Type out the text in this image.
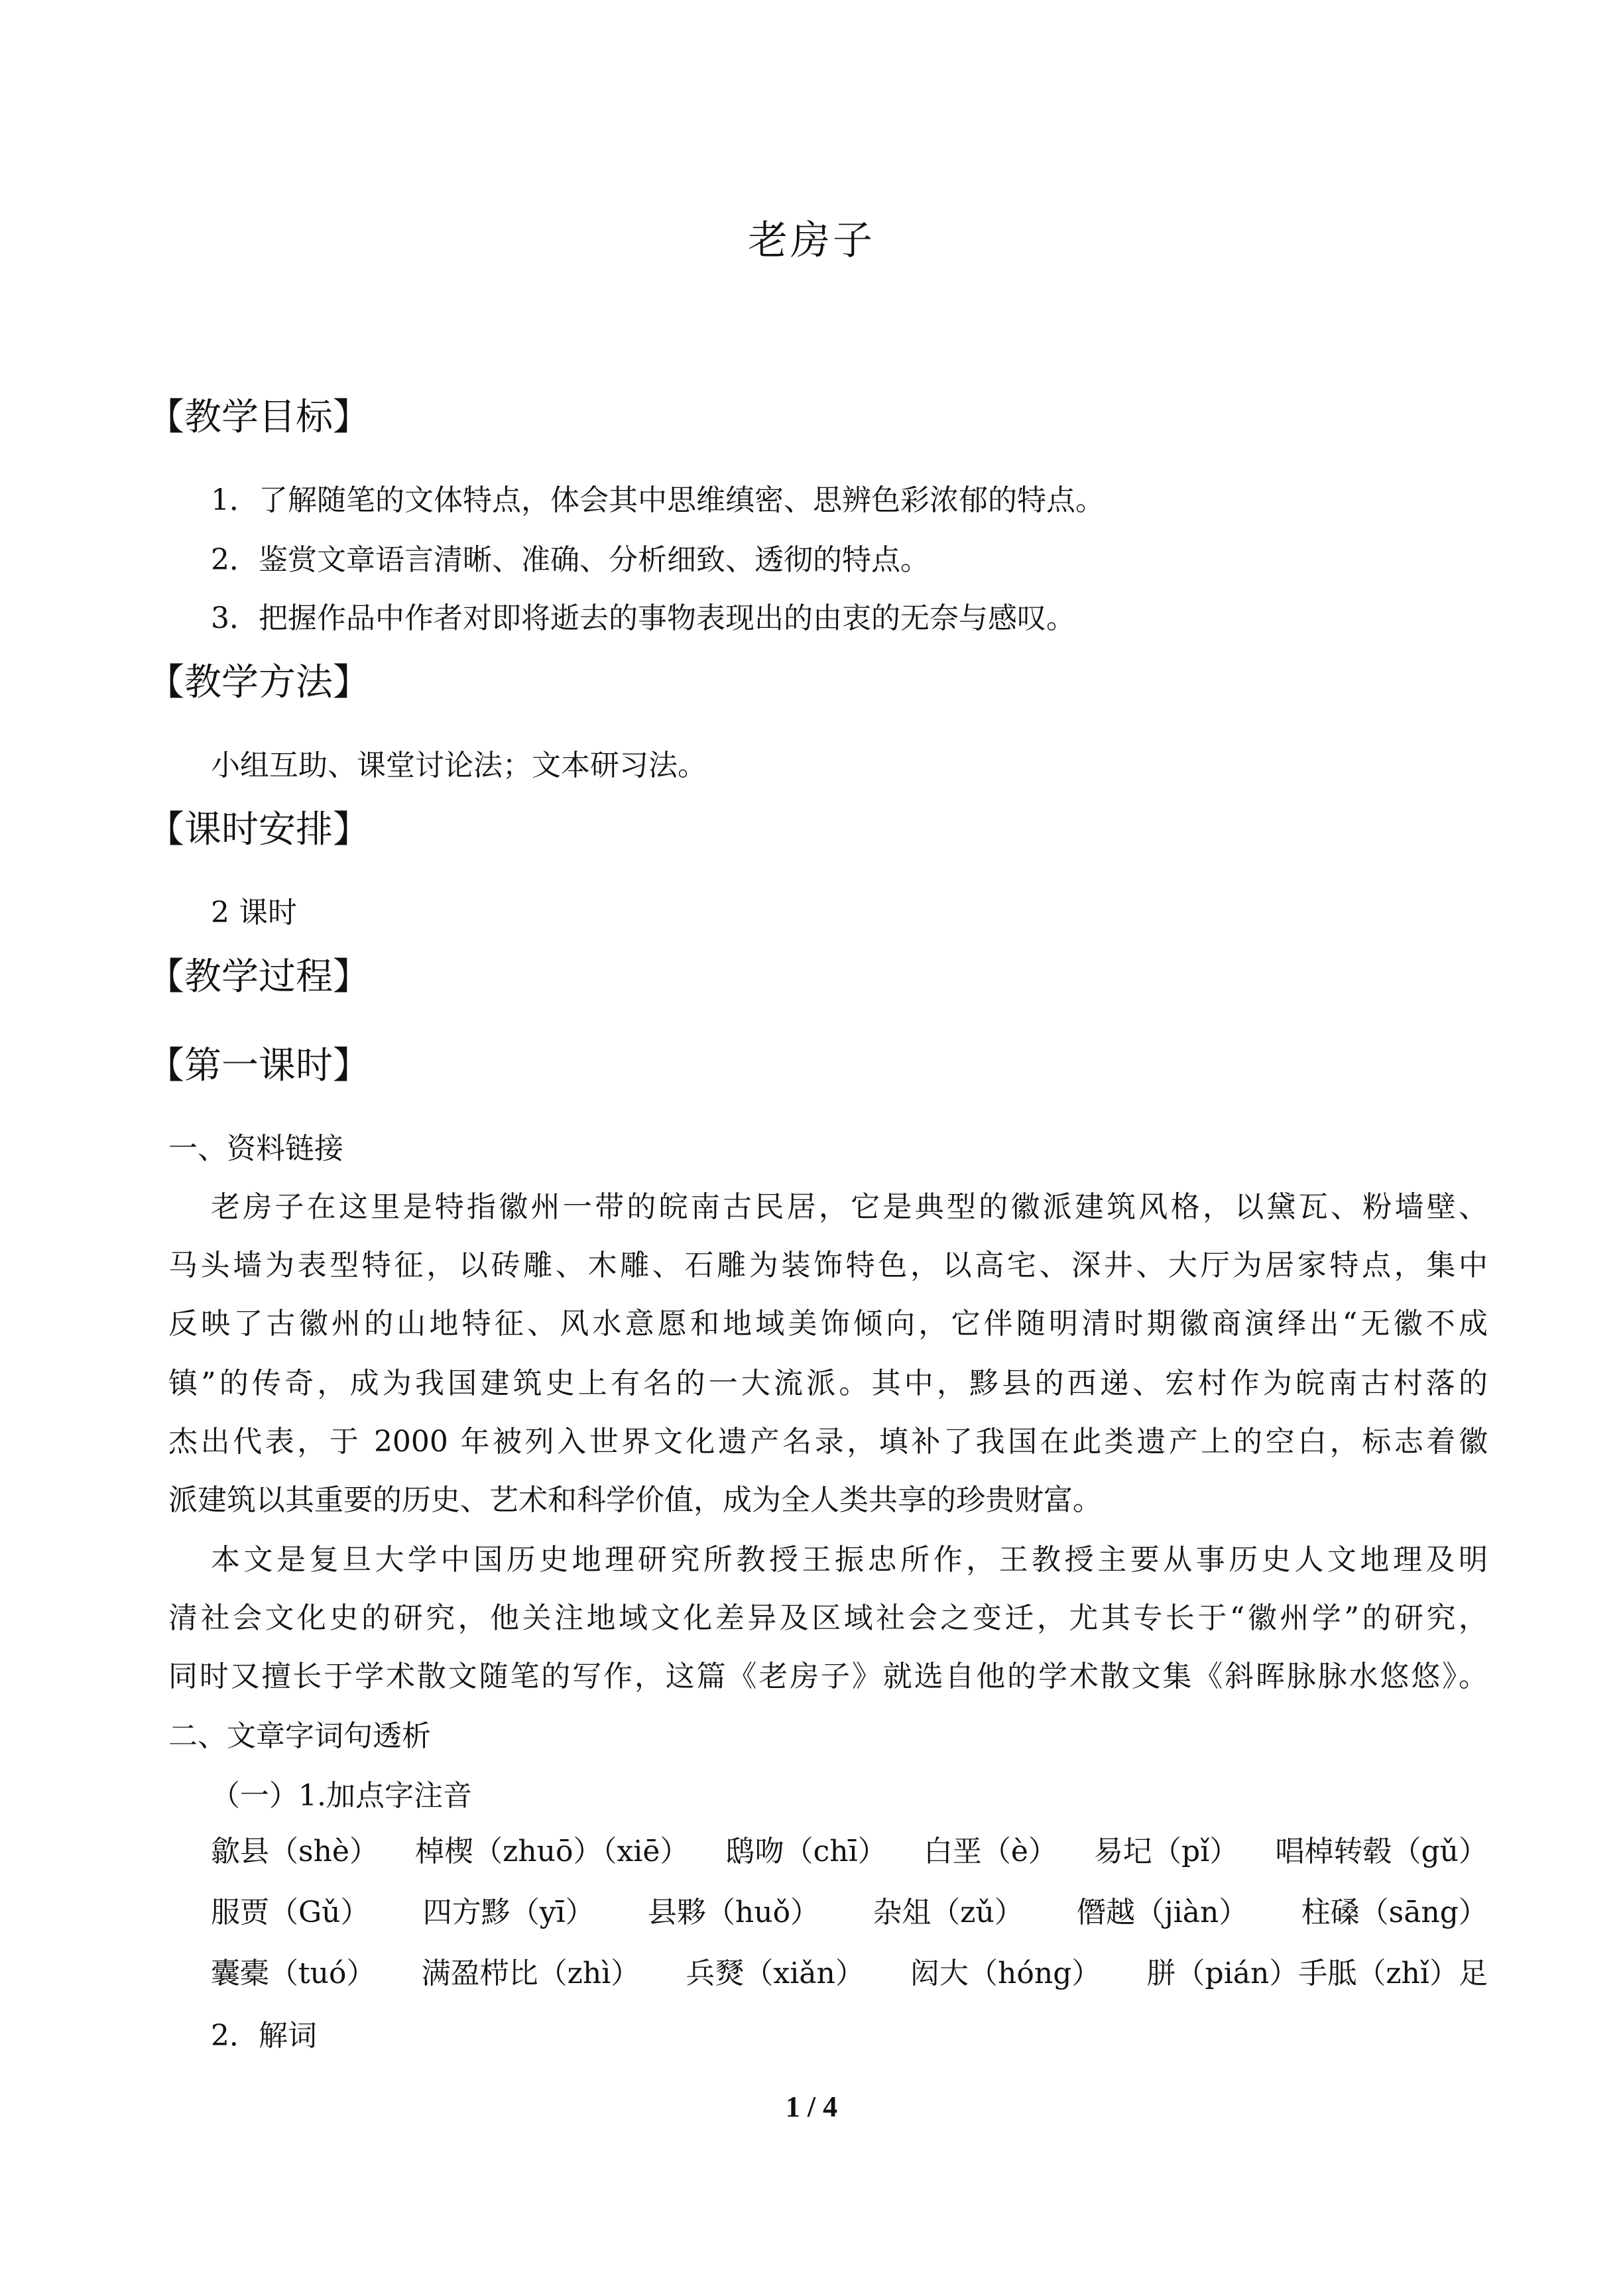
老房子
【教学目标】
1．了解随笔的文体特点，体会其中思维缜密、思辨色彩浓郁的特点。
2．鉴赏文章语言清晰、准确、分析细致、透彻的特点。
3．把握作品中作者对即将逝去的事物表现出的由衷的无奈与感叹。
【教学方法】
小组互助、课堂讨论法；文本研习法。
【课时安排】
2 课时
【教学过程】
【第一课时】
一、资料链接
老房子在这里是特指徽州一带的皖南古民居，它是典型的徽派建筑风格，以黛瓦、粉墙壁、
马头墙为表型特征，以砖雕、木雕、石雕为装饰特色，以高宅、深井、大厅为居家特点，集中
反映了古徽州的山地特征、风水意愿和地域美饰倾向，它伴随明清时期徽商演绎出“无徽不成
镇”的传奇，成为我国建筑史上有名的一大流派。其中，黟县的西递、宏村作为皖南古村落的
杰出代表，于 2000 年被列入世界文化遗产名录，填补了我国在此类遗产上的空白，标志着徽
派建筑以其重要的历史、艺术和科学价值，成为全人类共享的珍贵财富。
本文是复旦大学中国历史地理研究所教授王振忠所作，王教授主要从事历史人文地理及明
清社会文化史的研究，他关注地域文化差异及区域社会之变迁，尤其专长于“徽州学”的研究，
同时又擅长于学术散文随笔的写作，这篇《老房子》就选自他的学术散文集《斜晖脉脉水悠悠》。
二、文章字词句透析
（一）1.加点字注音
歙县（shè） 棹楔（zhuō）（xiē） 鸱吻（chī） 白垩（è） 易圮（pǐ） 唱棹转毂（gǔ）
服贾（Gǔ） 四方黟（yī） 县夥（huǒ） 杂俎（zǔ） 僭越（jiàn） 柱磉（sāng）
囊橐（tuó） 满盈栉比（zhì） 兵燹（xiǎn） 闳大（hóng） 胼（pián）手胝（zhǐ）足
2．解词
1 / 4
